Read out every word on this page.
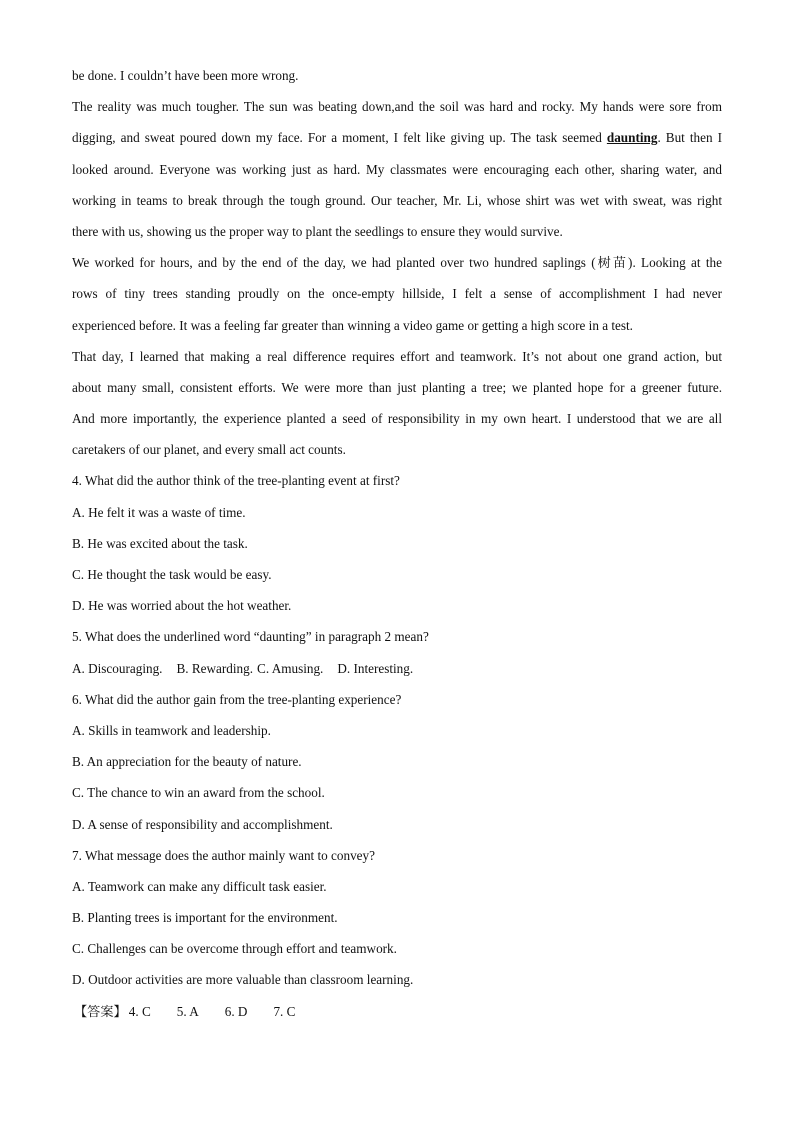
be done. I couldn’t have been more wrong.
The reality was much tougher. The sun was beating down,and the soil was hard and rocky. My hands were sore from
digging, and sweat poured down my face. For a moment, I felt like giving up. The task seemed daunting. But then I
looked around. Everyone was working just as hard. My classmates were encouraging each other, sharing water, and
working in teams to break through the tough ground. Our teacher, Mr. Li, whose shirt was wet with sweat, was right
there with us, showing us the proper way to plant the seedlings to ensure they would survive.
We worked for hours, and by the end of the day, we had planted over two hundred saplings (树苗). Looking at the
rows of tiny trees standing proudly on the once-empty hillside, I felt a sense of accomplishment I had never
experienced before. It was a feeling far greater than winning a video game or getting a high score in a test.
That day, I learned that making a real difference requires effort and teamwork. It’s not about one grand action, but
about many small, consistent efforts. We were more than just planting a tree; we planted hope for a greener future.
And more importantly, the experience planted a seed of responsibility in my own heart. I understood that we are all
caretakers of our planet, and every small act counts.
4. What did the author think of the tree-planting event at first?
A. He felt it was a waste of time.
B. He was excited about the task.
C. He thought the task would be easy.
D. He was worried about the hot weather.
5. What does the underlined word “daunting” in paragraph 2 mean?
A. Discouraging. B. Rewarding. C. Amusing. D. Interesting.
6. What did the author gain from the tree-planting experience?
A. Skills in teamwork and leadership.
B. An appreciation for the beauty of nature.
C. The chance to win an award from the school.
D. A sense of responsibility and accomplishment.
7. What message does the author mainly want to convey?
A. Teamwork can make any difficult task easier.
B. Planting trees is important for the environment.
C. Challenges can be overcome through effort and teamwork.
D. Outdoor activities are more valuable than classroom learning.
【答案】 4. C 5. A 6. D 7. C
